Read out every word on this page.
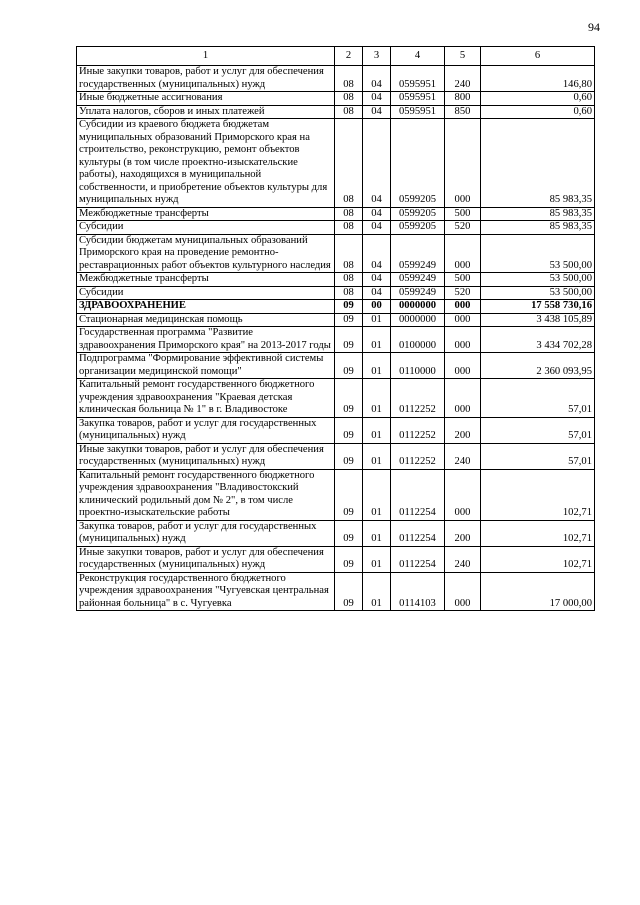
94
1	2	3	4	5	6
Иные закупки товаров, работ и услуг для обеспечения государственных (муниципальных) нужд	08	04	0595951	240	146,80
Иные бюджетные ассигнования	08	04	0595951	800	0,60
Уплата налогов, сборов и иных платежей	08	04	0595951	850	0,60
Субсидии из краевого бюджета бюджетам муниципальных образований Приморского края на строительство, реконструкцию, ремонт объектов культуры (в том числе проектно-изыскательские работы), находящихся в муниципальной собственности, и приобретение объектов культуры для муниципальных нужд	08	04	0599205	000	85 983,35
Межбюджетные трансферты	08	04	0599205	500	85 983,35
Субсидии	08	04	0599205	520	85 983,35
Субсидии бюджетам муниципальных образований Приморского края на проведение ремонтно-реставрационных работ объектов культурного наследия	08	04	0599249	000	53 500,00
Межбюджетные трансферты	08	04	0599249	500	53 500,00
Субсидии	08	04	0599249	520	53 500,00
ЗДРАВООХРАНЕНИЕ	09	00	0000000	000	17 558 730,16
Стационарная медицинская помощь	09	01	0000000	000	3 438 105,89
Государственная программа "Развитие здравоохранения Приморского края" на 2013-2017 годы	09	01	0100000	000	3 434 702,28
Подпрограмма "Формирование эффективной системы организации медицинской помощи"	09	01	0110000	000	2 360 093,95
Капитальный ремонт государственного бюджетного учреждения здравоохранения "Краевая детская клиническая больница № 1" в г. Владивостоке	09	01	0112252	000	57,01
Закупка товаров, работ и услуг для государственных (муниципальных) нужд	09	01	0112252	200	57,01
Иные закупки товаров, работ и услуг для обеспечения государственных (муниципальных) нужд	09	01	0112252	240	57,01
Капитальный ремонт государственного бюджетного учреждения здравоохранения "Владивостокский клинический родильный дом № 2", в том числе проектно-изыскательские работы	09	01	0112254	000	102,71
Закупка товаров, работ и услуг для государственных (муниципальных) нужд	09	01	0112254	200	102,71
Иные закупки товаров, работ и услуг для обеспечения государственных (муниципальных) нужд	09	01	0112254	240	102,71
Реконструкция государственного бюджетного учреждения здравоохранения "Чугуевская центральная районная больница" в с. Чугуевка	09	01	0114103	000	17 000,00
